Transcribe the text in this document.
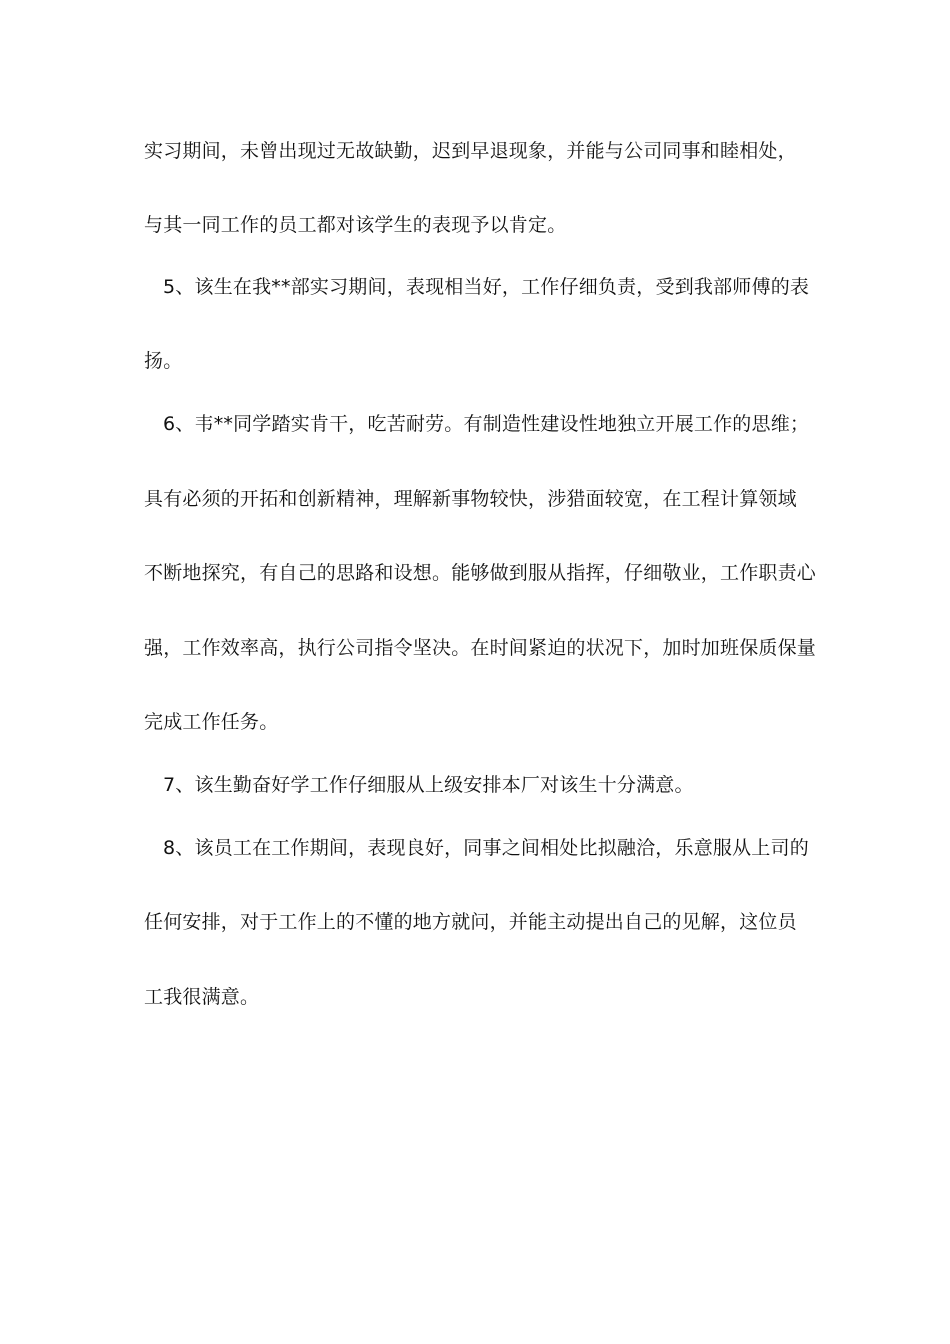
实习期间，未曾出现过无故缺勤，迟到早退现象，并能与公司同事和睦相处，
与其一同工作的员工都对该学生的表现予以肯定。
5、该生在我**部实习期间，表现相当好，工作仔细负责，受到我部师傅的表
扬。
6、韦**同学踏实肯干，吃苦耐劳。有制造性建设性地独立开展工作的思维；
具有必须的开拓和创新精神，理解新事物较快，涉猎面较宽，在工程计算领域
不断地探究，有自己的思路和设想。能够做到服从指挥，仔细敬业，工作职责心
强，工作效率高，执行公司指令坚决。在时间紧迫的状况下，加时加班保质保量
完成工作任务。
7、该生勤奋好学工作仔细服从上级安排本厂对该生十分满意。
8、该员工在工作期间，表现良好，同事之间相处比拟融洽，乐意服从上司的
任何安排，对于工作上的不懂的地方就问，并能主动提出自己的见解，这位员
工我很满意。
